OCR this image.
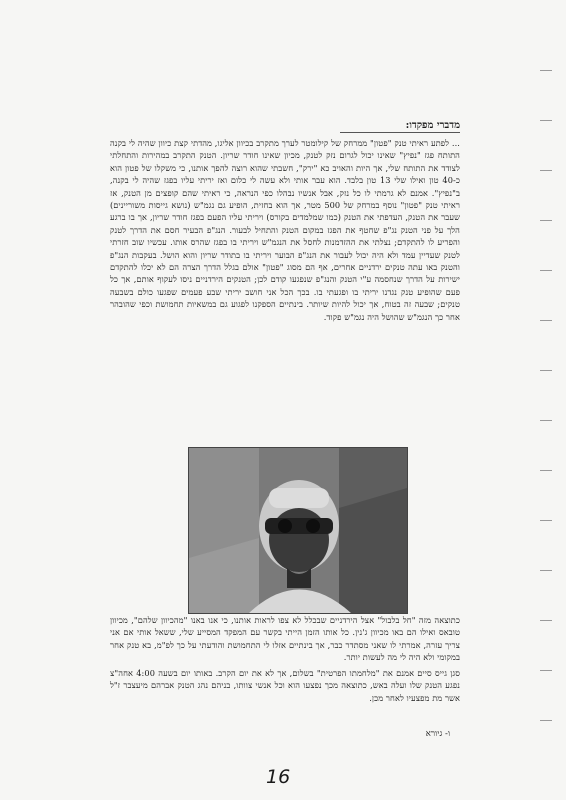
מדברי מפקדו:

... לפתע ראיתי טנק "פטון" ממרחק של קילומטר לערך מתקרב בכיוון אליגו, מהדתי קצת כיוון שהיה לי בקנה התותח פגז "נפיץ" שאינו יכול לגרום נזק לטנק, מכיון שאינו חודר שריון. הטנק התקרב במהירות והתחלתי לצודד את התותח שלי, אך היות והאויב כא "ירק", חשבתי שהוא רוצה להפך אותנו, כי משקלו של פטון הוא כ-40 טון ואילו שלי 13 טון בלבד. הוא עבר אותי ולא עשה לי כלום ואז יריתי עליו בפגז שהיה לי בקנה, ב"נפיץ". אמנם לא גרמתי לו כל נזק, אבל אנשיו נבהלו כפי הנראה, כי ראיתי שהם קופצים מן הטנק, אז ראיתי טנק "פטון" נוסף במרחק של 500 מטר, אך הוא בחזית, הופיע גם נגמ"ש (נושא גייסות משוריינים) שעבר את הטנק, העדפתי את הטנק (כמו שמלמדים בקורס) ויריתי עליו הפעם בפגז חודר שריון, אך בו ברגע הלך על פני הטנק נג"פ שחטף את הפגז במקום הטנק והתחיל לבעור. הנג"פ הבעיר חסם את הדרך לטנק והפריע לו להתקדם; נצלתי את ההזדמנות לחסל את הנגמ"ש ויריתי בו בפגז שהרס אותו. עכשיו שוב חזרתי לטנק שעדיין עמד ולא היה יכול לעבור את הנג"פ הבוער ויריתי בו בתודר שריון והוא הושל. בעקבות הנג"פ והטנק באו עתה טנקים ירדניים אחרים, אף הם מסוג "פטון" אולם בגלל הדרך הצרה הם לא יכלו להתקדם ישירות על הדרך שנחסמה ע"י הטנק והנג"פ שנפגעו קודם לכן; הטנקים הירדניים ניסו לעקוף אותם, אך כל פעם שהופיע טנק נגדנו יריתי בו ופגעתי בו. בכך הכל אני חושב יריתי שבע פעמים שפגעו כולם בשבעה טנקים; שבעה זה בטוח, אך יכול להיות שיותר. בינתיים הספקנו לפגוע גם במשאיות תחמושת וכפי שהובהר אחר כך הנגמ"ש שהושל היה נגמ"ש פקוד.

כתוצאה מזה "חל בלבול" אצל הירדניים שבכלל לא צפו לראות אותנו, כי אנו באנו "מהכיוון שלהם", מכיוון טובאס ואילו הם באו מכיוון ג'נין. כל אותו הזמן הייתי בקשר עם המפקד המסייע שלי, ששאל אותי אם אני צריך עזרה, אמרתי לו שאני מסתדר כבר, אך בינתיים אזלו לי התחמושת והודעתי על כך לפ"מ, בא טנק אחר במקומי ולא היה לי מה לעשות יותר.

סגן גייס סיים אמנם את "מלחמתו הפרטית" בשלום, אך לא את יום הקרב. באותו יום בשעה 4:00 אחה"צ נפגע הטנק שלו ועלה באש, כתוצאה מכך נפצעו הוא וכל אנשי צוותו, בניהם נהג הטנק אברהם מיעצבר ז"ל אשר מת מפצעיו לאחר מכן.

ו- גיורא
16
